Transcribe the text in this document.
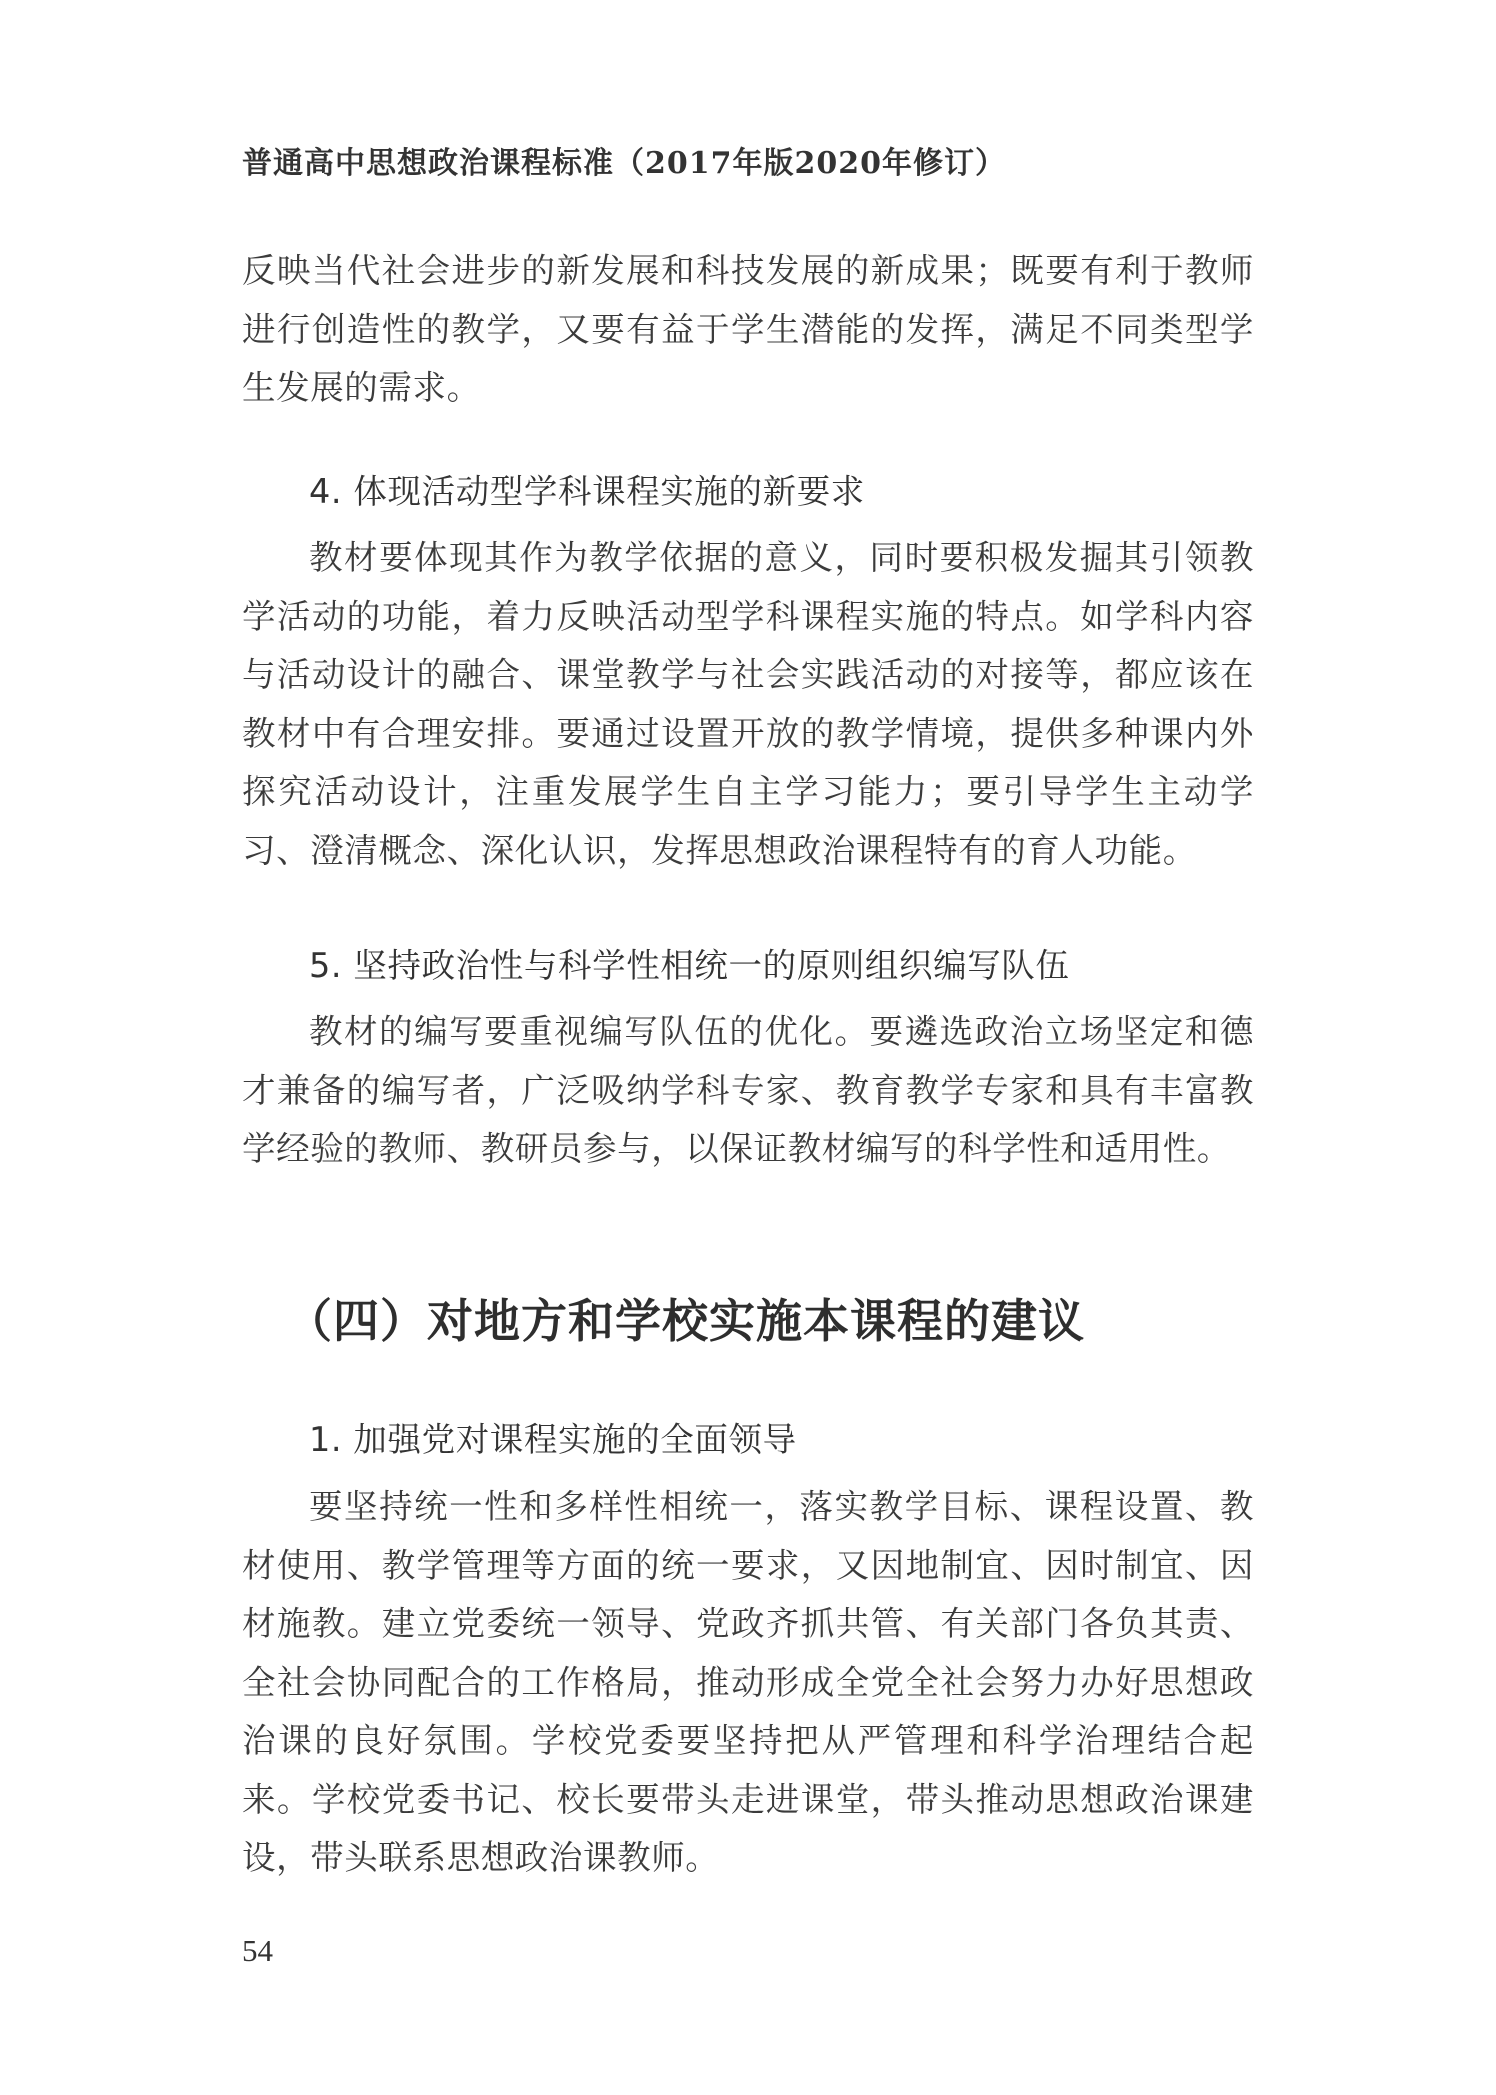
普通高中思想政治课程标准（2017年版2020年修订）

反映当代社会进步的新发展和科技发展的新成果；既要有利于教师进行创造性的教学，又要有益于学生潜能的发挥，满足不同类型学生发展的需求。

4. 体现活动型学科课程实施的新要求

教材要体现其作为教学依据的意义，同时要积极发掘其引领教学活动的功能，着力反映活动型学科课程实施的特点。如学科内容与活动设计的融合、课堂教学与社会实践活动的对接等，都应该在教材中有合理安排。要通过设置开放的教学情境，提供多种课内外探究活动设计，注重发展学生自主学习能力；要引导学生主动学习、澄清概念、深化认识，发挥思想政治课程特有的育人功能。

5. 坚持政治性与科学性相统一的原则组织编写队伍

教材的编写要重视编写队伍的优化。要遴选政治立场坚定和德才兼备的编写者，广泛吸纳学科专家、教育教学专家和具有丰富教学经验的教师、教研员参与，以保证教材编写的科学性和适用性。

（四）对地方和学校实施本课程的建议
1. 加强党对课程实施的全面领导

要坚持统一性和多样性相统一，落实教学目标、课程设置、教材使用、教学管理等方面的统一要求，又因地制宜、因时制宜、因材施教。建立党委统一领导、党政齐抓共管、有关部门各负其责、全社会协同配合的工作格局，推动形成全党全社会努力办好思想政治课的良好氛围。学校党委要坚持把从严管理和科学治理结合起来。学校党委书记、校长要带头走进课堂，带头推动思想政治课建设，带头联系思想政治课教师。

54
